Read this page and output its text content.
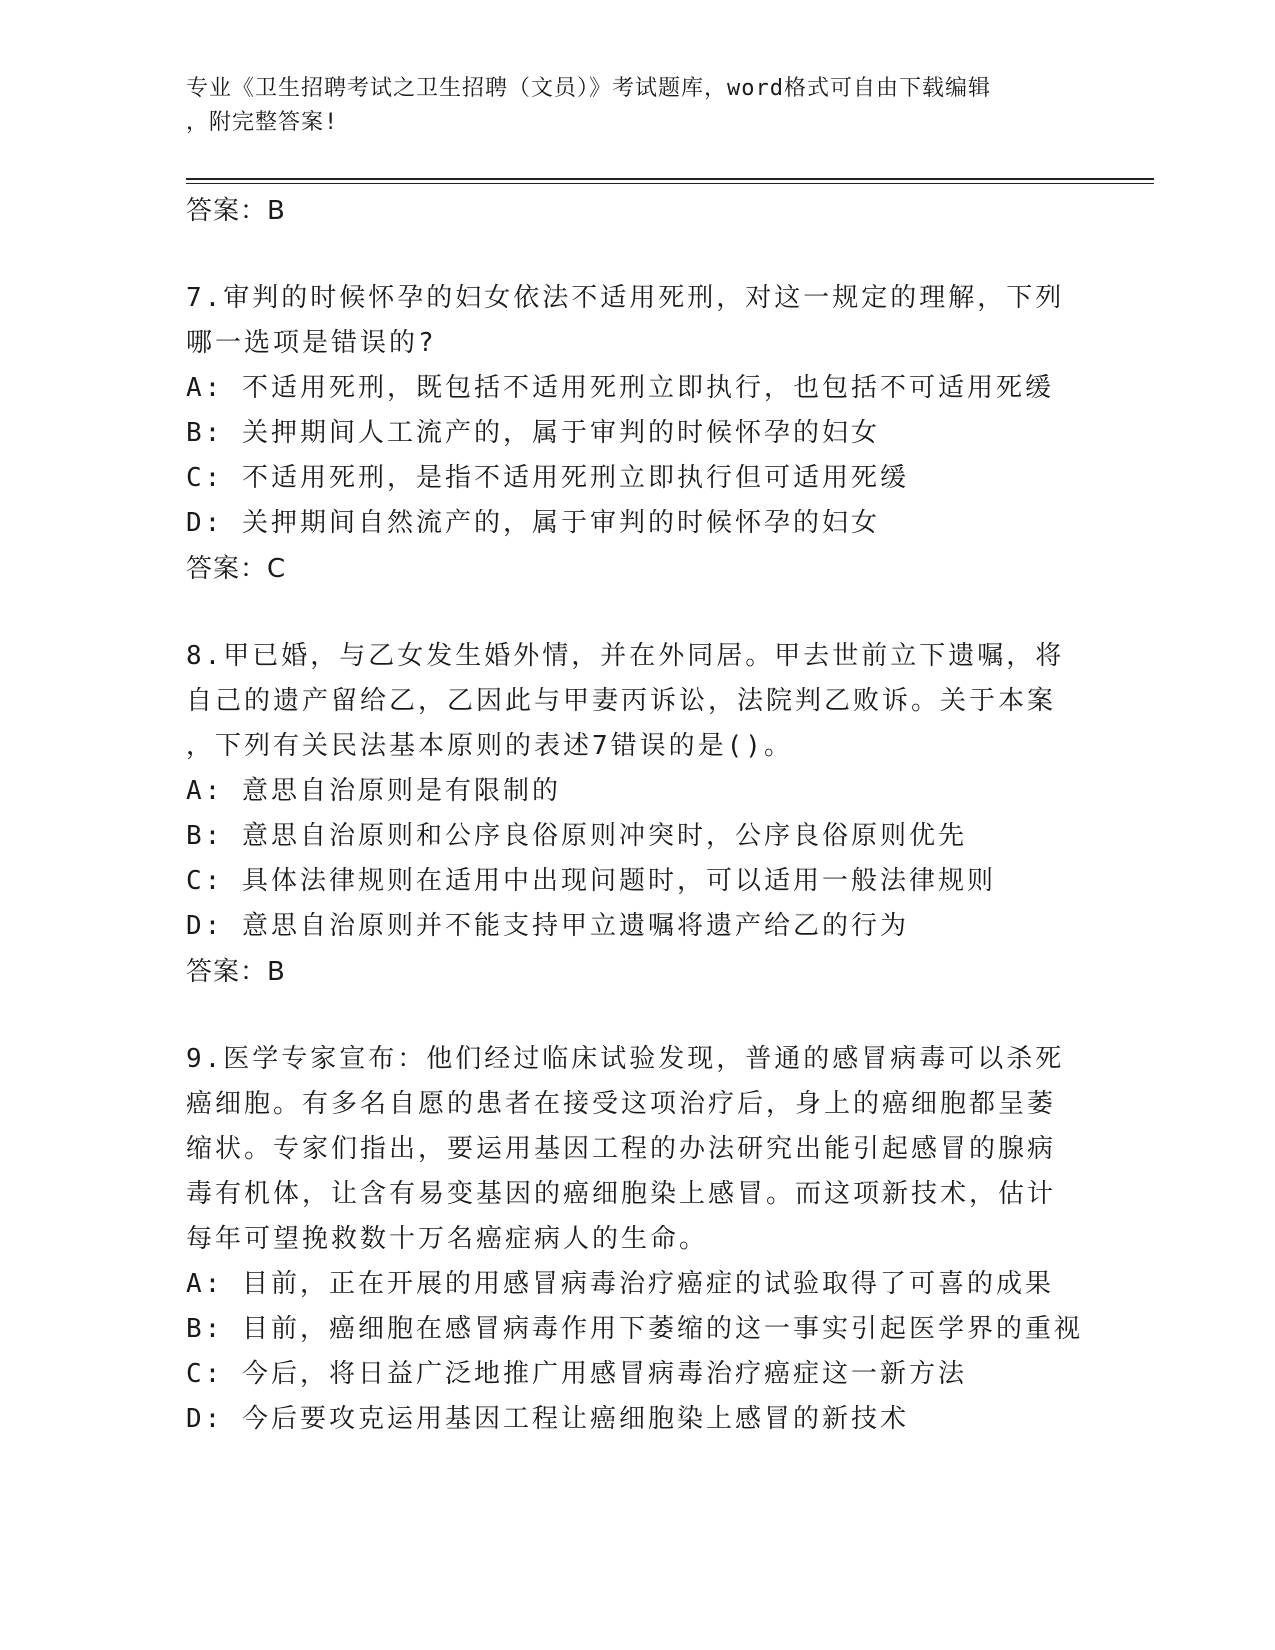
专业《卫生招聘考试之卫生招聘（文员）》考试题库，word格式可自由下载编辑
，附完整答案!
答案：B
7.审判的时候怀孕的妇女依法不适用死刑，对这一规定的理解，下列
哪一选项是错误的?
A: 不适用死刑，既包括不适用死刑立即执行，也包括不可适用死缓
B: 关押期间人工流产的，属于审判的时候怀孕的妇女
C: 不适用死刑，是指不适用死刑立即执行但可适用死缓
D: 关押期间自然流产的，属于审判的时候怀孕的妇女
答案：C
8.甲已婚，与乙女发生婚外情，并在外同居。甲去世前立下遗嘱，将
自己的遗产留给乙，乙因此与甲妻丙诉讼，法院判乙败诉。关于本案
，下列有关民法基本原则的表述7错误的是()。
A: 意思自治原则是有限制的
B: 意思自治原则和公序良俗原则冲突时，公序良俗原则优先
C: 具体法律规则在适用中出现问题时，可以适用一般法律规则
D: 意思自治原则并不能支持甲立遗嘱将遗产给乙的行为
答案：B
9.医学专家宣布：他们经过临床试验发现，普通的感冒病毒可以杀死
癌细胞。有多名自愿的患者在接受这项治疗后，身上的癌细胞都呈萎
缩状。专家们指出，要运用基因工程的办法研究出能引起感冒的腺病
毒有机体，让含有易变基因的癌细胞染上感冒。而这项新技术，估计
每年可望挽救数十万名癌症病人的生命。
A: 目前，正在开展的用感冒病毒治疗癌症的试验取得了可喜的成果
B: 目前，癌细胞在感冒病毒作用下萎缩的这一事实引起医学界的重视
C: 今后，将日益广泛地推广用感冒病毒治疗癌症这一新方法
D: 今后要攻克运用基因工程让癌细胞染上感冒的新技术
